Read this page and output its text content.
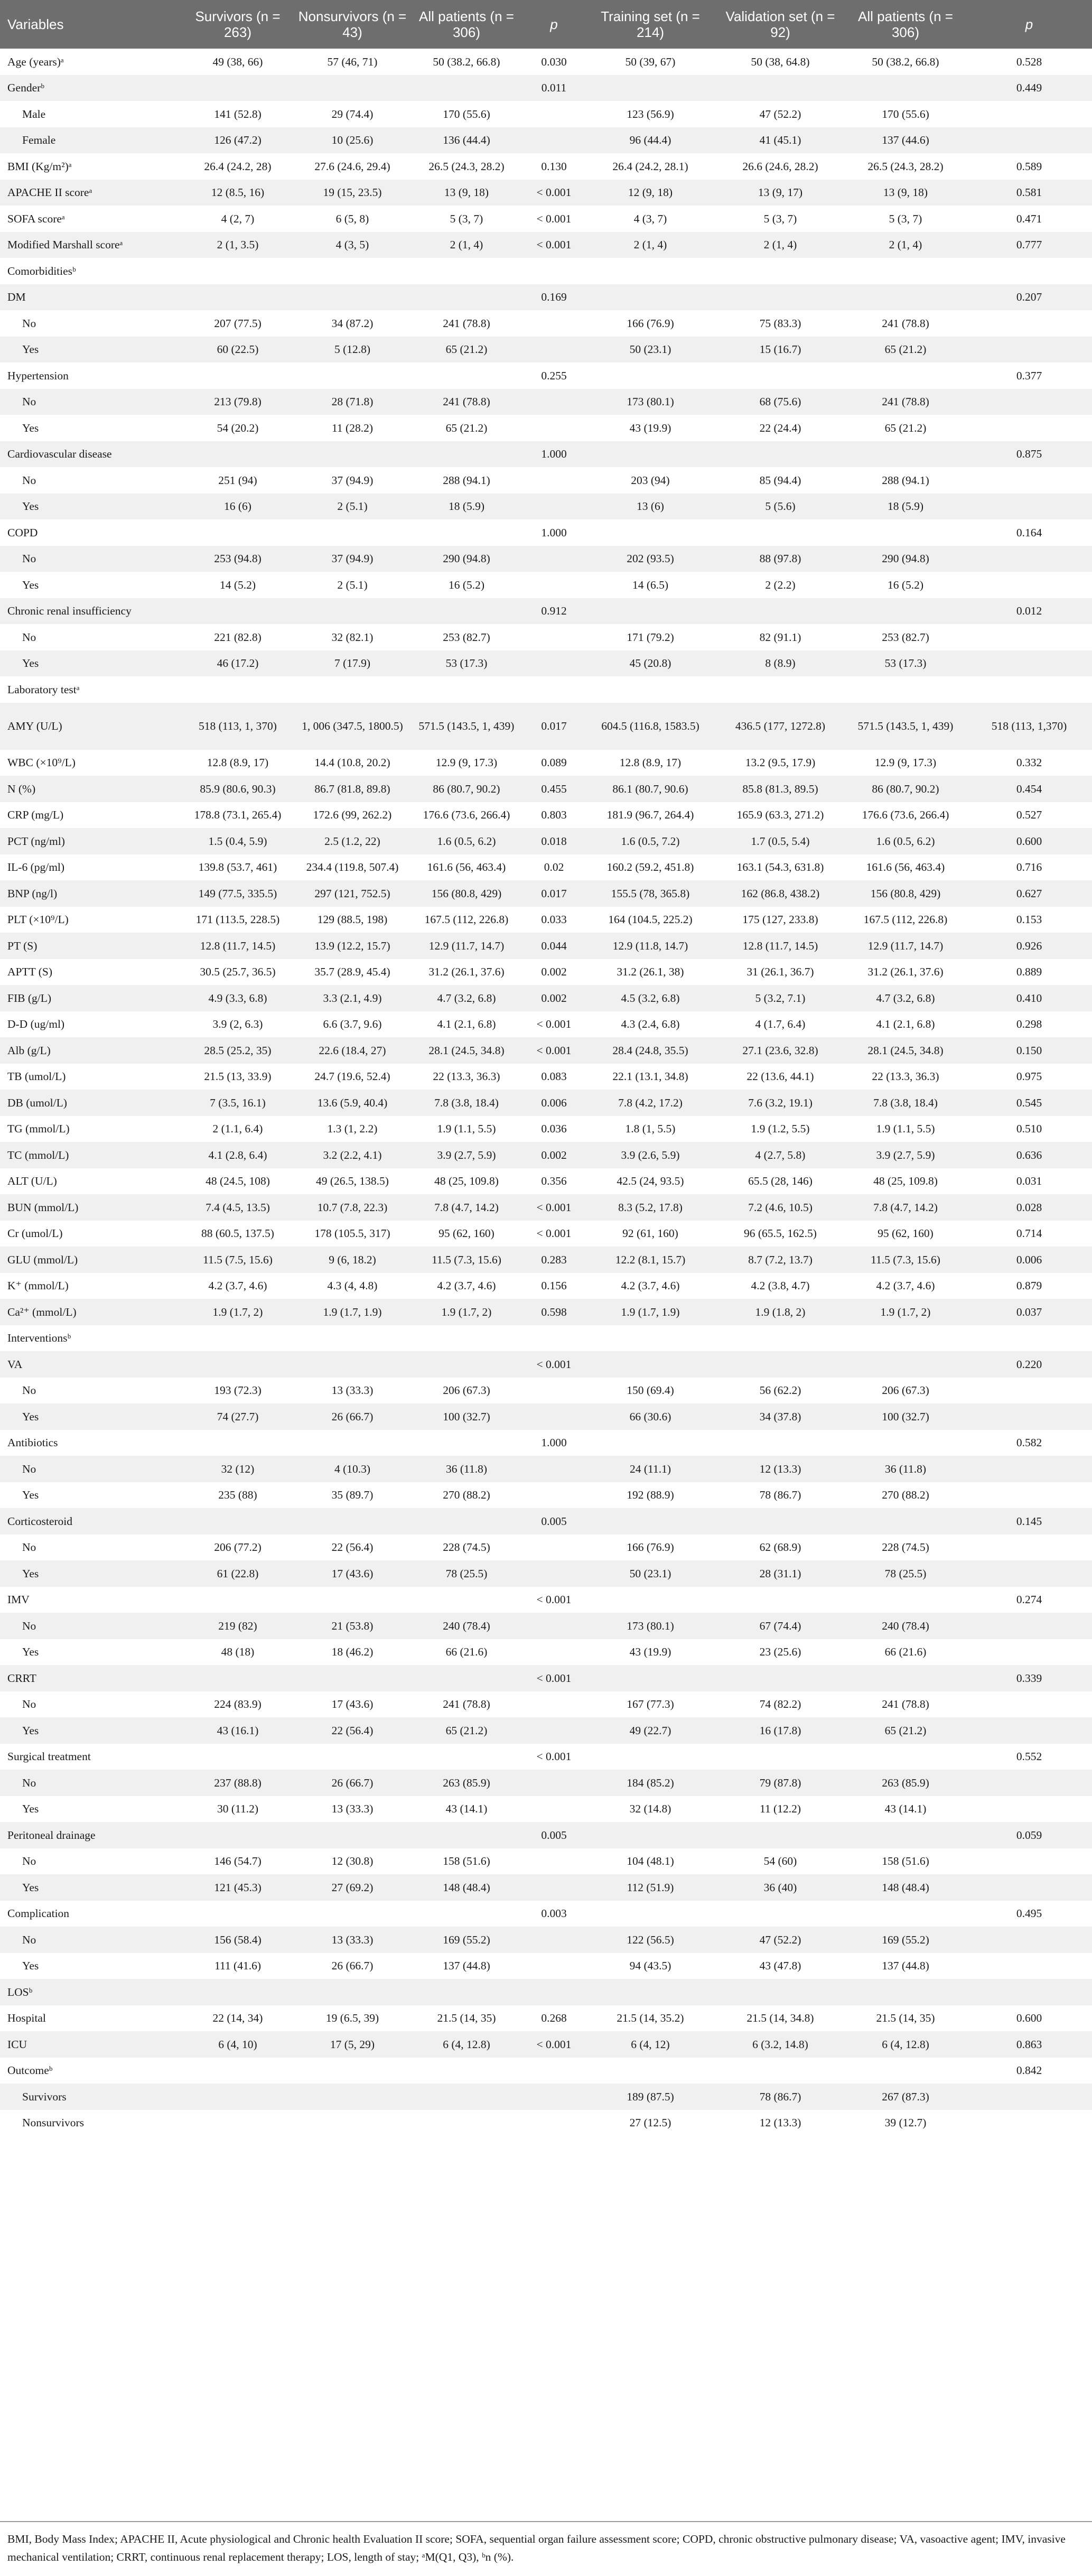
Variables	Survivors (n = 263)	Nonsurvivors (n = 43)	All patients (n = 306)	p	Training set (n = 214)	Validation set (n = 92)	All patients (n = 306)	p
Age (years)ᵃ	49 (38, 66)	57 (46, 71)	50 (38.2, 66.8)	0.030	50 (39, 67)	50 (38, 64.8)	50 (38.2, 66.8)	0.528
Genderᵇ				0.011				0.449
Male	141 (52.8)	29 (74.4)	170 (55.6)		123 (56.9)	47 (52.2)	170 (55.6)	
Female	126 (47.2)	10 (25.6)	136 (44.4)		96 (44.4)	41 (45.1)	137 (44.6)	
BMI (Kg/m²)ᵃ	26.4 (24.2, 28)	27.6 (24.6, 29.4)	26.5 (24.3, 28.2)	0.130	26.4 (24.2, 28.1)	26.6 (24.6, 28.2)	26.5 (24.3, 28.2)	0.589
APACHE II scoreᵃ	12 (8.5, 16)	19 (15, 23.5)	13 (9, 18)	< 0.001	12 (9, 18)	13 (9, 17)	13 (9, 18)	0.581
SOFA scoreᵃ	4 (2, 7)	6 (5, 8)	5 (3, 7)	< 0.001	4 (3, 7)	5 (3, 7)	5 (3, 7)	0.471
Modified Marshall scoreᵃ	2 (1, 3.5)	4 (3, 5)	2 (1, 4)	< 0.001	2 (1, 4)	2 (1, 4)	2 (1, 4)	0.777
Comorbiditiesᵇ								
DM				0.169				0.207
No	207 (77.5)	34 (87.2)	241 (78.8)		166 (76.9)	75 (83.3)	241 (78.8)	
Yes	60 (22.5)	5 (12.8)	65 (21.2)		50 (23.1)	15 (16.7)	65 (21.2)	
Hypertension				0.255				0.377
No	213 (79.8)	28 (71.8)	241 (78.8)		173 (80.1)	68 (75.6)	241 (78.8)	
Yes	54 (20.2)	11 (28.2)	65 (21.2)		43 (19.9)	22 (24.4)	65 (21.2)	
Cardiovascular disease				1.000				0.875
No	251 (94)	37 (94.9)	288 (94.1)		203 (94)	85 (94.4)	288 (94.1)	
Yes	16 (6)	2 (5.1)	18 (5.9)		13 (6)	5 (5.6)	18 (5.9)	
COPD				1.000				0.164
No	253 (94.8)	37 (94.9)	290 (94.8)		202 (93.5)	88 (97.8)	290 (94.8)	
Yes	14 (5.2)	2 (5.1)	16 (5.2)		14 (6.5)	2 (2.2)	16 (5.2)	
Chronic renal insufficiency				0.912				0.012
No	221 (82.8)	32 (82.1)	253 (82.7)		171 (79.2)	82 (91.1)	253 (82.7)	
Yes	46 (17.2)	7 (17.9)	53 (17.3)		45 (20.8)	8 (8.9)	53 (17.3)	
Laboratory testᵃ								
AMY (U/L)	518 (113, 1, 370)	1, 006 (347.5, 1800.5)	571.5 (143.5, 1, 439)	0.017	604.5 (116.8, 1583.5)	436.5 (177, 1272.8)	571.5 (143.5, 1, 439)	518 (113, 1,370)
WBC (×10⁹/L)	12.8 (8.9, 17)	14.4 (10.8, 20.2)	12.9 (9, 17.3)	0.089	12.8 (8.9, 17)	13.2 (9.5, 17.9)	12.9 (9, 17.3)	0.332
N (%)	85.9 (80.6, 90.3)	86.7 (81.8, 89.8)	86 (80.7, 90.2)	0.455	86.1 (80.7, 90.6)	85.8 (81.3, 89.5)	86 (80.7, 90.2)	0.454
CRP (mg/L)	178.8 (73.1, 265.4)	172.6 (99, 262.2)	176.6 (73.6, 266.4)	0.803	181.9 (96.7, 264.4)	165.9 (63.3, 271.2)	176.6 (73.6, 266.4)	0.527
PCT (ng/ml)	1.5 (0.4, 5.9)	2.5 (1.2, 22)	1.6 (0.5, 6.2)	0.018	1.6 (0.5, 7.2)	1.7 (0.5, 5.4)	1.6 (0.5, 6.2)	0.600
IL-6 (pg/ml)	139.8 (53.7, 461)	234.4 (119.8, 507.4)	161.6 (56, 463.4)	0.02	160.2 (59.2, 451.8)	163.1 (54.3, 631.8)	161.6 (56, 463.4)	0.716
BNP (ng/l)	149 (77.5, 335.5)	297 (121, 752.5)	156 (80.8, 429)	0.017	155.5 (78, 365.8)	162 (86.8, 438.2)	156 (80.8, 429)	0.627
PLT (×10⁹/L)	171 (113.5, 228.5)	129 (88.5, 198)	167.5 (112, 226.8)	0.033	164 (104.5, 225.2)	175 (127, 233.8)	167.5 (112, 226.8)	0.153
PT (S)	12.8 (11.7, 14.5)	13.9 (12.2, 15.7)	12.9 (11.7, 14.7)	0.044	12.9 (11.8, 14.7)	12.8 (11.7, 14.5)	12.9 (11.7, 14.7)	0.926
APTT (S)	30.5 (25.7, 36.5)	35.7 (28.9, 45.4)	31.2 (26.1, 37.6)	0.002	31.2 (26.1, 38)	31 (26.1, 36.7)	31.2 (26.1, 37.6)	0.889
FIB (g/L)	4.9 (3.3, 6.8)	3.3 (2.1, 4.9)	4.7 (3.2, 6.8)	0.002	4.5 (3.2, 6.8)	5 (3.2, 7.1)	4.7 (3.2, 6.8)	0.410
D-D (ug/ml)	3.9 (2, 6.3)	6.6 (3.7, 9.6)	4.1 (2.1, 6.8)	< 0.001	4.3 (2.4, 6.8)	4 (1.7, 6.4)	4.1 (2.1, 6.8)	0.298
Alb (g/L)	28.5 (25.2, 35)	22.6 (18.4, 27)	28.1 (24.5, 34.8)	< 0.001	28.4 (24.8, 35.5)	27.1 (23.6, 32.8)	28.1 (24.5, 34.8)	0.150
TB (umol/L)	21.5 (13, 33.9)	24.7 (19.6, 52.4)	22 (13.3, 36.3)	0.083	22.1 (13.1, 34.8)	22 (13.6, 44.1)	22 (13.3, 36.3)	0.975
DB (umol/L)	7 (3.5, 16.1)	13.6 (5.9, 40.4)	7.8 (3.8, 18.4)	0.006	7.8 (4.2, 17.2)	7.6 (3.2, 19.1)	7.8 (3.8, 18.4)	0.545
TG (mmol/L)	2 (1.1, 6.4)	1.3 (1, 2.2)	1.9 (1.1, 5.5)	0.036	1.8 (1, 5.5)	1.9 (1.2, 5.5)	1.9 (1.1, 5.5)	0.510
TC (mmol/L)	4.1 (2.8, 6.4)	3.2 (2.2, 4.1)	3.9 (2.7, 5.9)	0.002	3.9 (2.6, 5.9)	4 (2.7, 5.8)	3.9 (2.7, 5.9)	0.636
ALT (U/L)	48 (24.5, 108)	49 (26.5, 138.5)	48 (25, 109.8)	0.356	42.5 (24, 93.5)	65.5 (28, 146)	48 (25, 109.8)	0.031
BUN (mmol/L)	7.4 (4.5, 13.5)	10.7 (7.8, 22.3)	7.8 (4.7, 14.2)	< 0.001	8.3 (5.2, 17.8)	7.2 (4.6, 10.5)	7.8 (4.7, 14.2)	0.028
Cr (umol/L)	88 (60.5, 137.5)	178 (105.5, 317)	95 (62, 160)	< 0.001	92 (61, 160)	96 (65.5, 162.5)	95 (62, 160)	0.714
GLU (mmol/L)	11.5 (7.5, 15.6)	9 (6, 18.2)	11.5 (7.3, 15.6)	0.283	12.2 (8.1, 15.7)	8.7 (7.2, 13.7)	11.5 (7.3, 15.6)	0.006
K⁺ (mmol/L)	4.2 (3.7, 4.6)	4.3 (4, 4.8)	4.2 (3.7, 4.6)	0.156	4.2 (3.7, 4.6)	4.2 (3.8, 4.7)	4.2 (3.7, 4.6)	0.879
Ca²⁺ (mmol/L)	1.9 (1.7, 2)	1.9 (1.7, 1.9)	1.9 (1.7, 2)	0.598	1.9 (1.7, 1.9)	1.9 (1.8, 2)	1.9 (1.7, 2)	0.037
Interventionsᵇ								
VA				< 0.001				0.220
No	193 (72.3)	13 (33.3)	206 (67.3)		150 (69.4)	56 (62.2)	206 (67.3)	
Yes	74 (27.7)	26 (66.7)	100 (32.7)		66 (30.6)	34 (37.8)	100 (32.7)	
Antibiotics				1.000				0.582
No	32 (12)	4 (10.3)	36 (11.8)		24 (11.1)	12 (13.3)	36 (11.8)	
Yes	235 (88)	35 (89.7)	270 (88.2)		192 (88.9)	78 (86.7)	270 (88.2)	
Corticosteroid				0.005				0.145
No	206 (77.2)	22 (56.4)	228 (74.5)		166 (76.9)	62 (68.9)	228 (74.5)	
Yes	61 (22.8)	17 (43.6)	78 (25.5)		50 (23.1)	28 (31.1)	78 (25.5)	
IMV				< 0.001				0.274
No	219 (82)	21 (53.8)	240 (78.4)		173 (80.1)	67 (74.4)	240 (78.4)	
Yes	48 (18)	18 (46.2)	66 (21.6)		43 (19.9)	23 (25.6)	66 (21.6)	
CRRT				< 0.001				0.339
No	224 (83.9)	17 (43.6)	241 (78.8)		167 (77.3)	74 (82.2)	241 (78.8)	
Yes	43 (16.1)	22 (56.4)	65 (21.2)		49 (22.7)	16 (17.8)	65 (21.2)	
Surgical treatment				< 0.001				0.552
No	237 (88.8)	26 (66.7)	263 (85.9)		184 (85.2)	79 (87.8)	263 (85.9)	
Yes	30 (11.2)	13 (33.3)	43 (14.1)		32 (14.8)	11 (12.2)	43 (14.1)	
Peritoneal drainage				0.005				0.059
No	146 (54.7)	12 (30.8)	158 (51.6)		104 (48.1)	54 (60)	158 (51.6)	
Yes	121 (45.3)	27 (69.2)	148 (48.4)		112 (51.9)	36 (40)	148 (48.4)	
Complication				0.003				0.495
No	156 (58.4)	13 (33.3)	169 (55.2)		122 (56.5)	47 (52.2)	169 (55.2)	
Yes	111 (41.6)	26 (66.7)	137 (44.8)		94 (43.5)	43 (47.8)	137 (44.8)	
LOSᵇ								
Hospital	22 (14, 34)	19 (6.5, 39)	21.5 (14, 35)	0.268	21.5 (14, 35.2)	21.5 (14, 34.8)	21.5 (14, 35)	0.600
ICU	6 (4, 10)	17 (5, 29)	6 (4, 12.8)	< 0.001	6 (4, 12)	6 (3.2, 14.8)	6 (4, 12.8)	0.863
Outcomeᵇ								0.842
Survivors					189 (87.5)	78 (86.7)	267 (87.3)	
Nonsurvivors					27 (12.5)	12 (13.3)	39 (12.7)	
BMI, Body Mass Index; APACHE II, Acute physiological and Chronic health Evaluation II score; SOFA, sequential organ failure assessment score; COPD, chronic obstructive pulmonary disease; VA, vasoactive agent; IMV, invasive mechanical ventilation; CRRT, continuous renal replacement therapy; LOS, length of stay; ᵃM(Q1, Q3), ᵇn (%).
